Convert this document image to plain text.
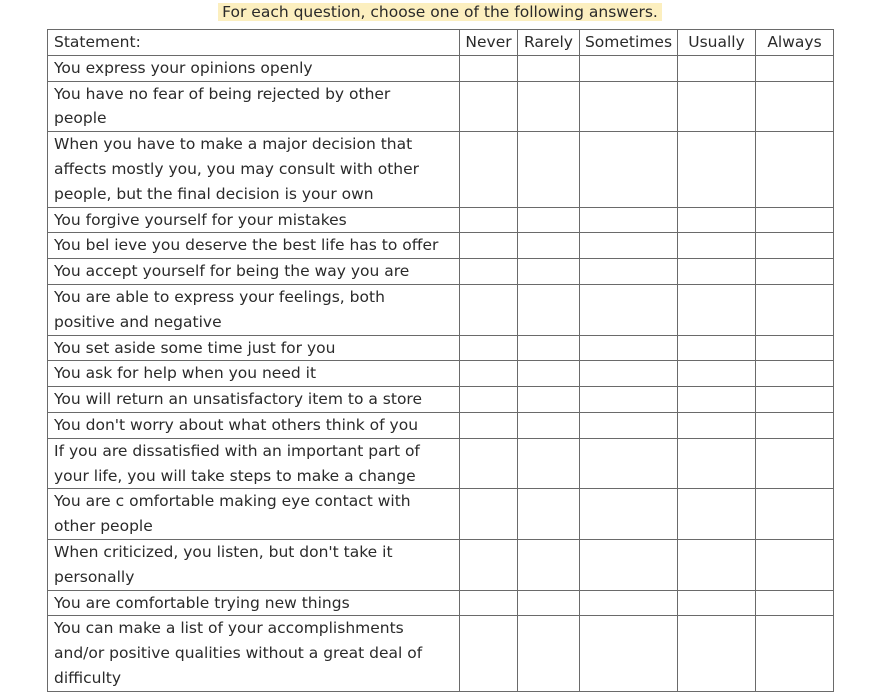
For each question, choose one of the following answers.
Statement:	Never	Rarely	Sometimes	Usually	Always

You express your opinions openly					

You have no fear of being rejected by other
people					

When you have to make a major decision that
affects mostly you, you may consult with other
people, but the final decision is your own					

You forgive yourself for your mistakes					

You bel ieve you deserve the best life has to offer					

You accept yourself for being the way you are					

You are able to express your feelings, both
positive and negative					

You set aside some time just for you					

You ask for help when you need it					

You will return an unsatisfactory item to a store					

You don't worry about what others think of you					

If you are dissatisfied with an important part of
your life, you will take steps to make a change					

You are c omfortable making eye contact with
other people					

When criticized, you listen, but don't take it
personally					

You are comfortable trying new things					

You can make a list of your accomplishments
and/or positive qualities without a great deal of
difficulty					
